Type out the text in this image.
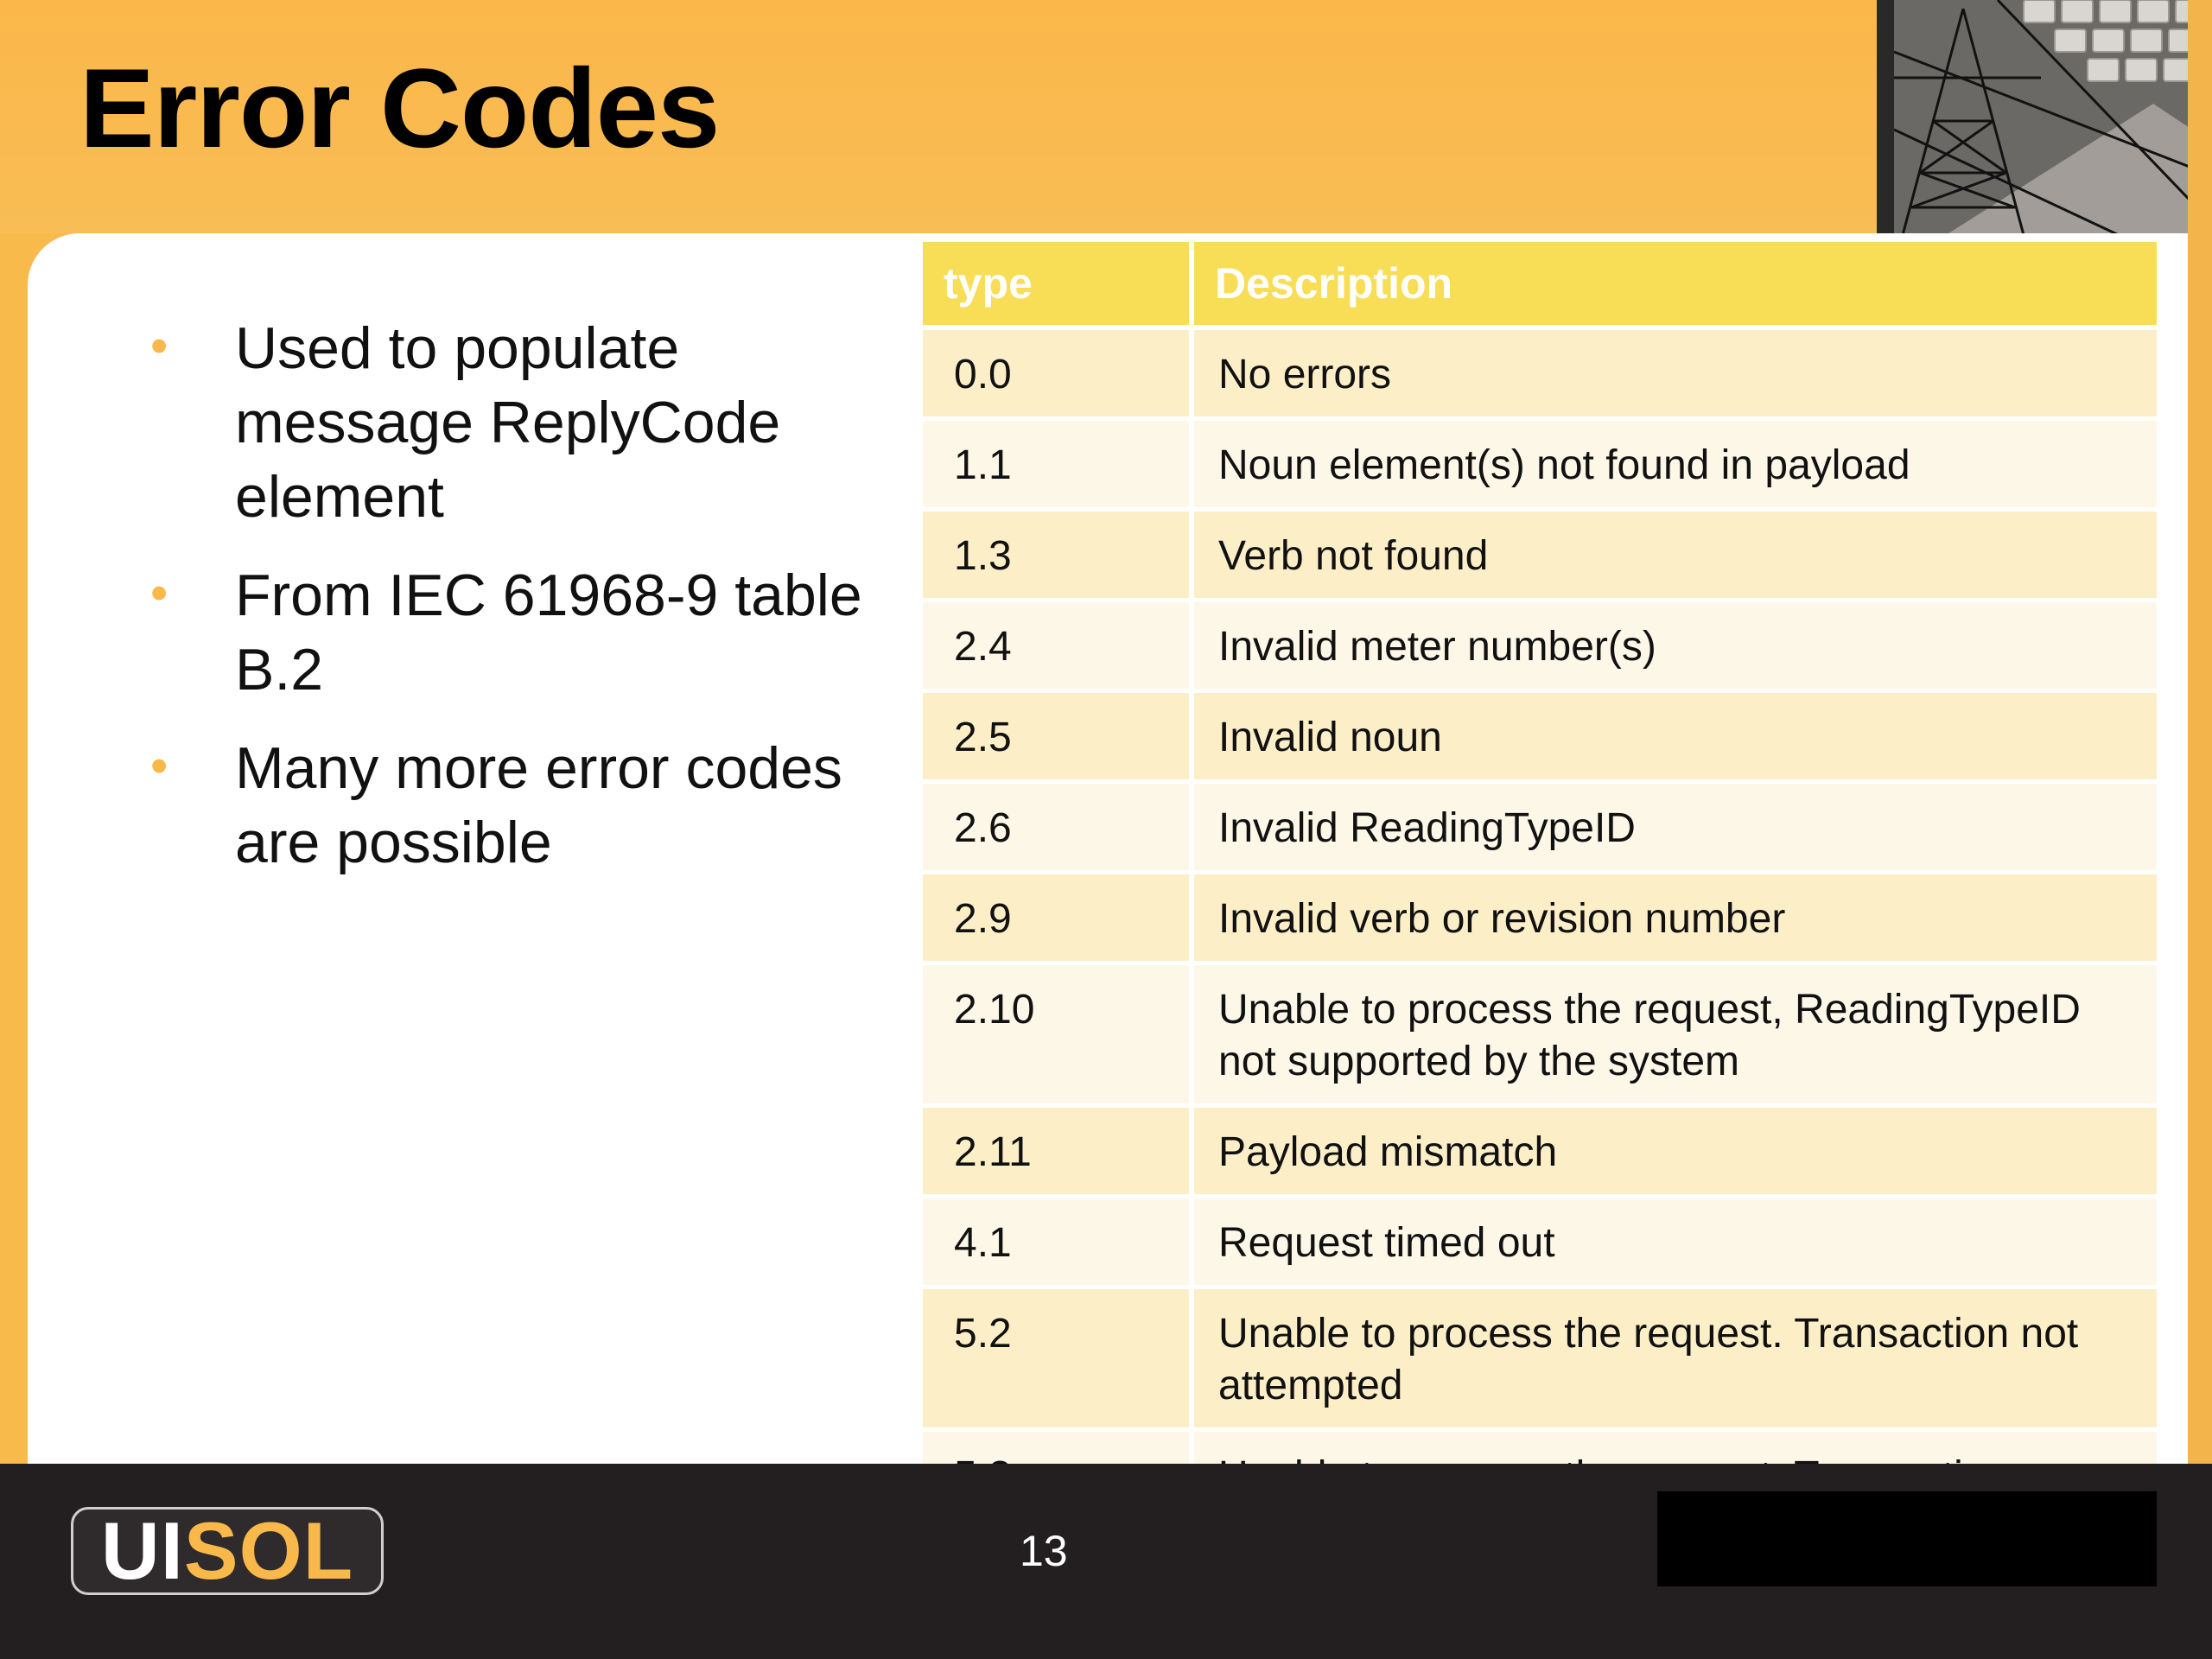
Error Codes
• Used to populate message ReplyCode element
• From IEC 61968-9 table B.2
• Many more error codes are possible
type	Description
0.0	No errors
1.1	Noun element(s) not found in payload
1.3	Verb not found
2.4	Invalid meter number(s)
2.5	Invalid noun
2.6	Invalid ReadingTypeID
2.9	Invalid verb or revision number
2.10	Unable to process the request, ReadingTypeID not supported by the system
2.11	Payload mismatch
4.1	Request timed out
5.2	Unable to process the request. Transaction not attempted

UISOL	13
